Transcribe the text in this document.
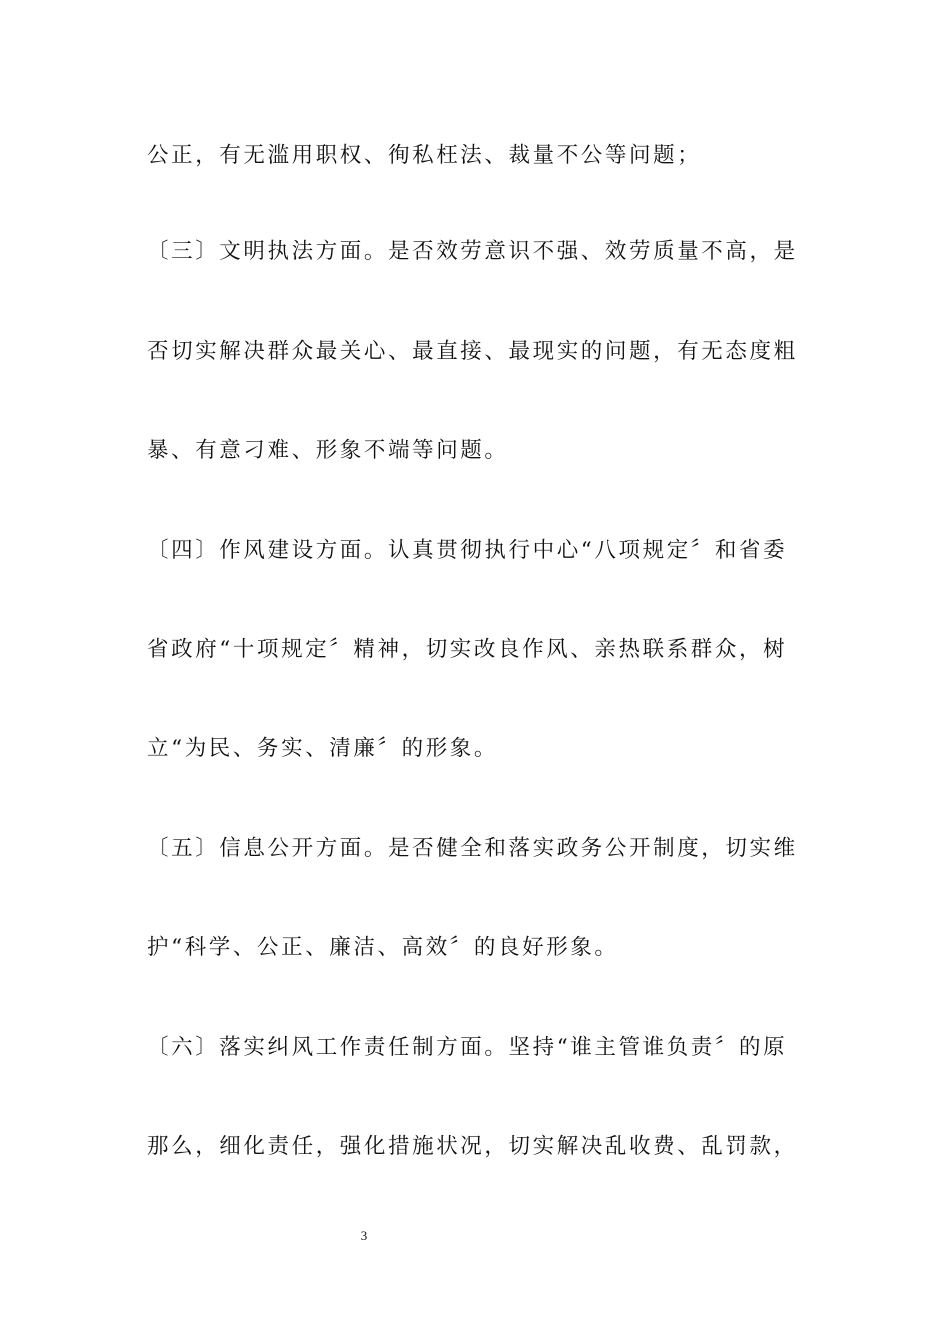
公正，有无滥用职权、徇私枉法、裁量不公等问题；
〔三〕文明执法方面。是否效劳意识不强、效劳质量不高，是
否切实解决群众最关心、最直接、最现实的问题，有无态度粗
暴、有意刁难、形象不端等问题。
〔四〕作风建设方面。认真贯彻执行中心“八项规定〞和省委
省政府“十项规定〞精神，切实改良作风、亲热联系群众，树
立“为民、务实、清廉〞的形象。
〔五〕信息公开方面。是否健全和落实政务公开制度，切实维
护“科学、公正、廉洁、高效〞的良好形象。
〔六〕落实纠风工作责任制方面。坚持“谁主管谁负责〞的原
那么，细化责任，强化措施状况，切实解决乱收费、乱罚款，
3
